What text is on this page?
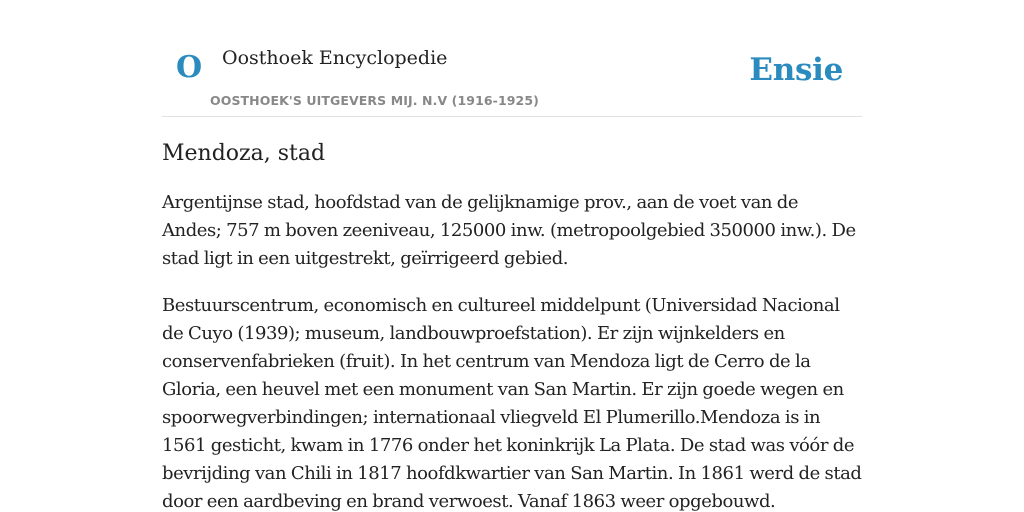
O Oosthoek Encyclopedie
OOSTHOEK'S UITGEVERS MIJ. N.V (1916-1925)
Ensie
Mendoza, stad

Argentijnse stad, hoofdstad van de gelijknamige prov., aan de voet van de Andes; 757 m boven zeeniveau, 125000 inw. (metropoolgebied 350000 inw.). De stad ligt in een uitgestrekt, geïrrigeerd gebied.

Bestuurscentrum, economisch en cultureel middelpunt (Universidad Nacional de Cuyo (1939); museum, landbouwproefstation). Er zijn wijnkelders en conservenfabrieken (fruit). In het centrum van Mendoza ligt de Cerro de la Gloria, een heuvel met een monument van San Martin. Er zijn goede wegen en spoorwegverbindingen; internationaal vliegveld El Plumerillo.Mendoza is in 1561 gesticht, kwam in 1776 onder het koninkrijk La Plata. De stad was vóór de bevrijding van Chili in 1817 hoofdkwartier van San Martin. In 1861 werd de stad door een aardbeving en brand verwoest. Vanaf 1863 weer opgebouwd.
